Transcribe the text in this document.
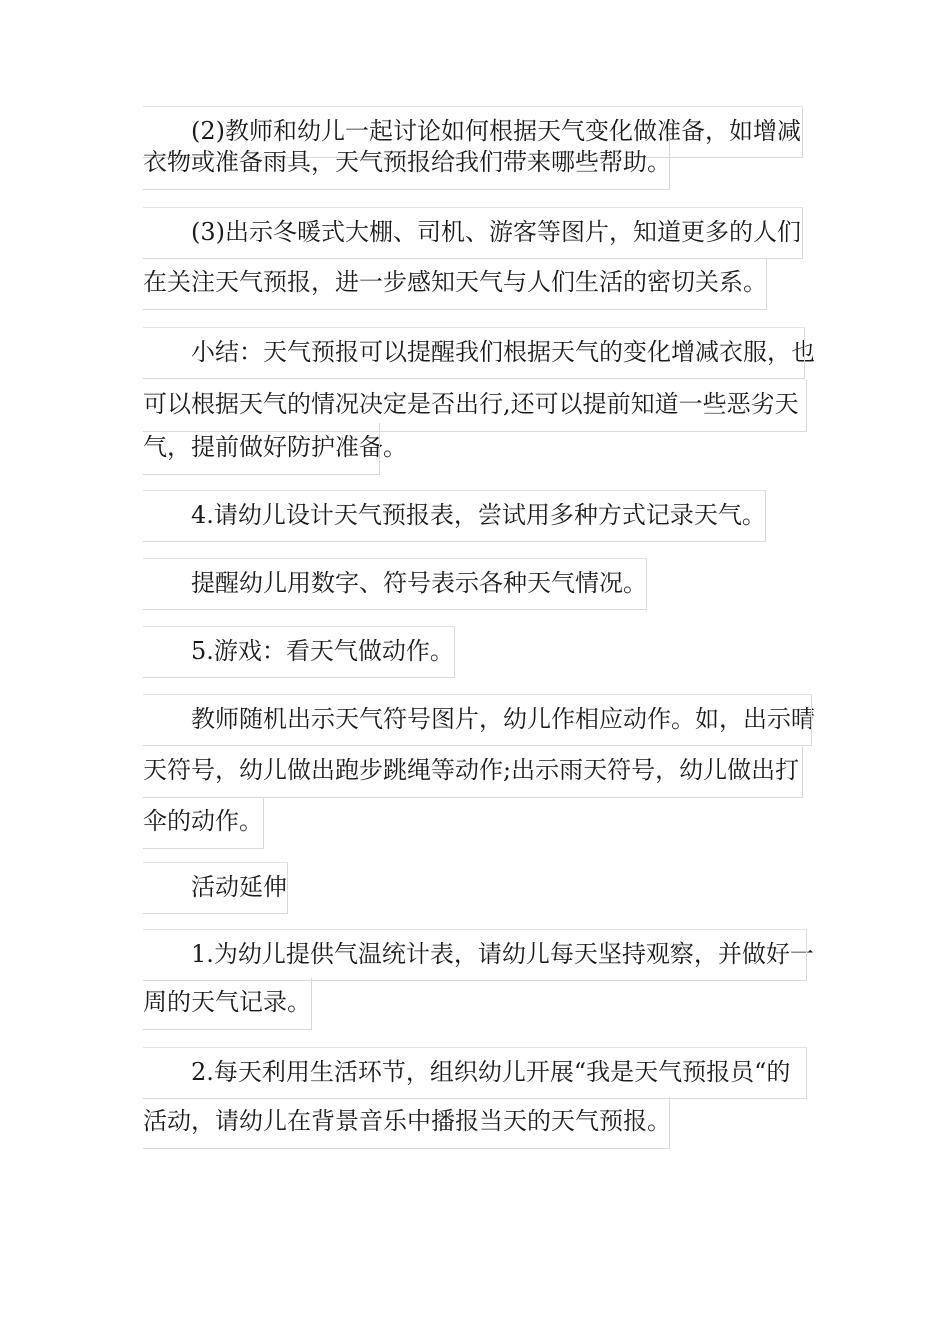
(2)教师和幼儿一起讨论如何根据天气变化做准备，如增减
衣物或准备雨具，天气预报给我们带来哪些帮助。
(3)出示冬暖式大棚、司机、游客等图片，知道更多的人们
在关注天气预报，进一步感知天气与人们生活的密切关系。
小结：天气预报可以提醒我们根据天气的变化增减衣服，也
可以根据天气的情况决定是否出行,还可以提前知道一些恶劣天
气，提前做好防护准备。
4.请幼儿设计天气预报表，尝试用多种方式记录天气。
提醒幼儿用数字、符号表示各种天气情况。
5.游戏：看天气做动作。
教师随机出示天气符号图片，幼儿作相应动作。如，出示晴
天符号，幼儿做出跑步跳绳等动作;出示雨天符号，幼儿做出打
伞的动作。
活动延伸
1.为幼儿提供气温统计表，请幼儿每天坚持观察，并做好一
周的天气记录。
2.每天利用生活环节，组织幼儿开展“我是天气预报员“的
活动，请幼儿在背景音乐中播报当天的天气预报。
